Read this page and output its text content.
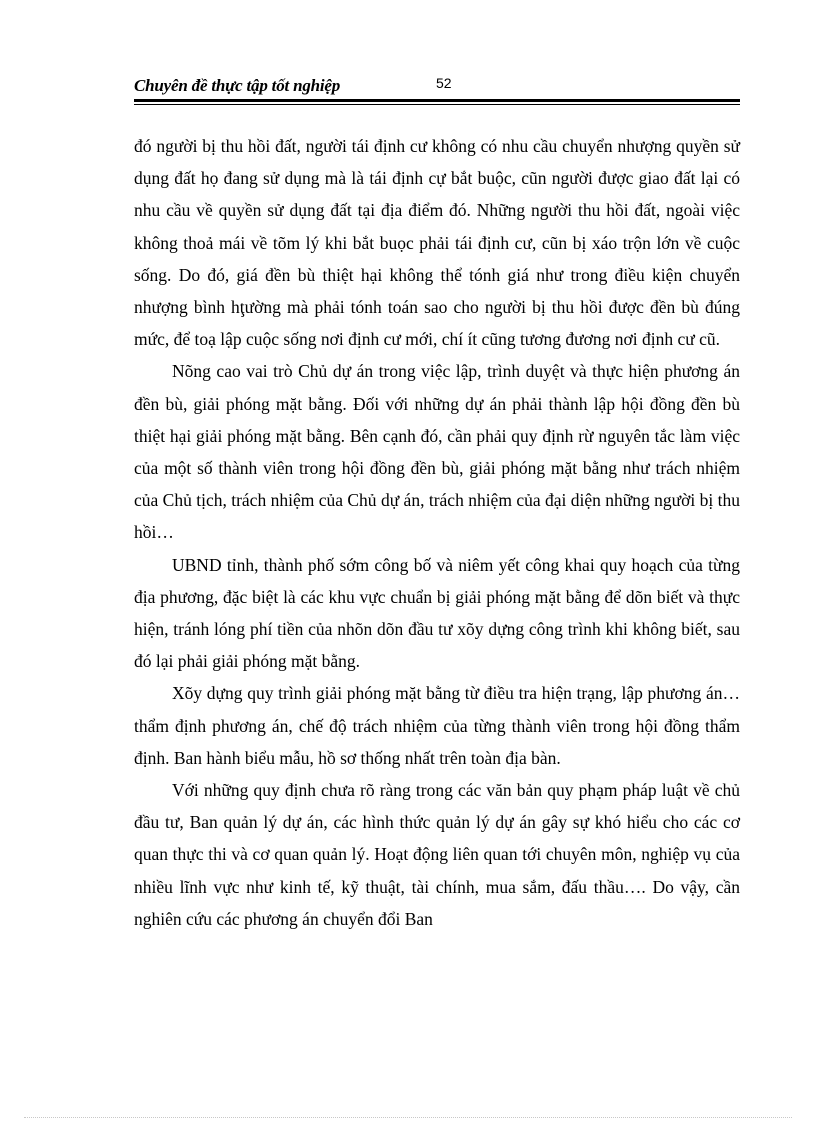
Chuyên đề thực tập tốt nghiệp	52

đó người bị thu hồi đất, người tái định cư không có nhu cầu chuyển nhượng quyền sử dụng đất họ đang sử dụng mà là tái định cự bắt buộc, cũn người được giao đất lại có nhu cầu về quyền sử dụng đất tại địa điểm đó. Những người thu hồi đất, ngoài việc không thoả mái về tõm lý khi bắt buọc phải tái định cư, cũn bị xáo trộn lớn về cuộc sống. Do đó, giá đền bù thiệt hại không thể tónh giá như trong điều kiện chuyển nhượng bình hţường mà phải tónh toán sao cho người bị thu hồi được đền bù đúng mức, để toạ lập cuộc sống nơi định cư mới, chí ít cũng tương đương nơi định cư cũ.

Nõng cao vai trò Chủ dự án trong việc lập, trình duyệt và thực hiện phương án đền bù, giải phóng mặt bằng. Đối với những dự án phải thành lập hội đồng đền bù thiệt hại giải phóng mặt bằng. Bên cạnh đó, cần phải quy định rừ nguyên tắc làm việc của một số thành viên trong hội đồng đền bù, giải phóng mặt bằng như trách nhiệm của Chủ tịch, trách nhiệm của Chủ dự án, trách nhiệm của đại diện những người bị thu hồi…

UBND tỉnh, thành phố sớm công bố và niêm yết công khai quy hoạch của từng địa phương, đặc biệt là các khu vực chuẩn bị giải phóng mặt bằng để dõn biết và thực hiện, tránh lóng phí tiền của nhõn dõn đầu tư xõy dựng công trình khi không biết, sau đó lại phải giải phóng mặt bằng.

Xõy dựng quy trình giải phóng mặt bằng từ điều tra hiện trạng, lập phương án… thẩm định phương án, chế độ trách nhiệm của từng thành viên trong hội đồng thẩm định. Ban hành biểu mẫu, hồ sơ thống nhất trên toàn địa bàn.

Với những quy định chưa rõ ràng trong các văn bản quy phạm pháp luật về chủ đầu tư, Ban quản lý dự án, các hình thức quản lý dự án gây sự khó hiểu cho các cơ quan thực thi và cơ quan quản lý. Hoạt động liên quan tới chuyên môn, nghiệp vụ của nhiều lĩnh vực như kinh tế, kỹ thuật, tài chính, mua sắm, đấu thầu…. Do vậy, cần nghiên cứu các phương án chuyển đổi Ban
